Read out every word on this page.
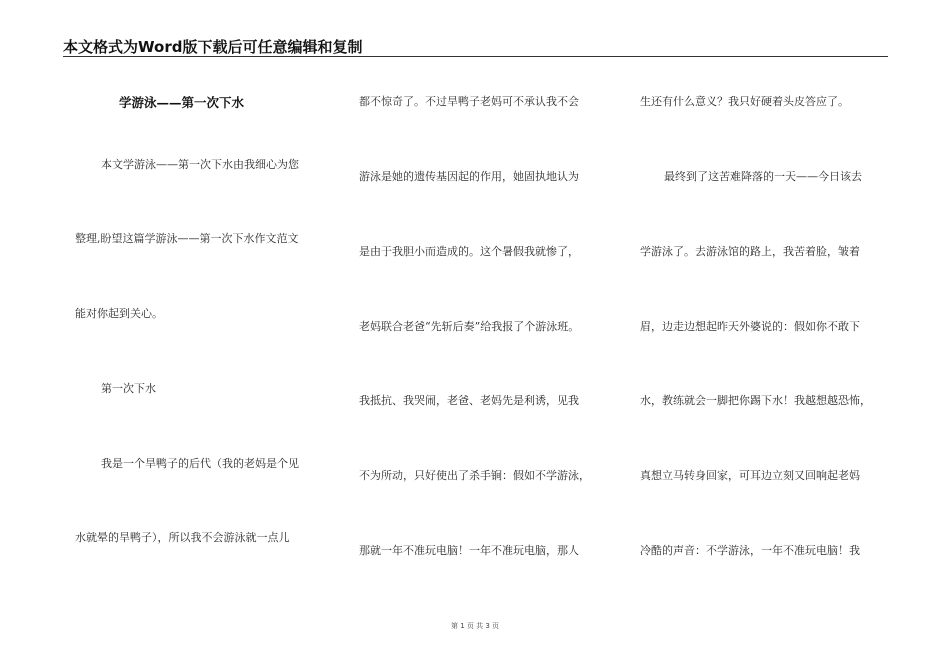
本文格式为Word版下载后可任意编辑和复制
学游泳——第一次下水
本文学游泳——第一次下水由我细心为您
整理,盼望这篇学游泳——第一次下水作文范文
能对你起到关心。
第一次下水
我是一个旱鸭子的后代（我的老妈是个见
水就晕的旱鸭子），所以我不会游泳就一点儿
都不惊奇了。不过旱鸭子老妈可不承认我不会
游泳是她的遗传基因起的作用，她固执地认为
是由于我胆小而造成的。这个暑假我就惨了，
老妈联合老爸“先斩后奏”给我报了个游泳班。
我抵抗、我哭闹，老爸、老妈先是利诱，见我
不为所动，只好使出了杀手锏：假如不学游泳，
那就一年不准玩电脑！一年不准玩电脑，那人
生还有什么意义？我只好硬着头皮答应了。
最终到了这苦难降落的一天——今日该去
学游泳了。去游泳馆的路上，我苦着脸，皱着
眉，边走边想起昨天外婆说的：假如你不敢下
水，教练就会一脚把你踢下水！我越想越恐怖，
真想立马转身回家，可耳边立刻又回响起老妈
冷酷的声音：不学游泳，一年不准玩电脑！我
第 1 页 共 3 页
